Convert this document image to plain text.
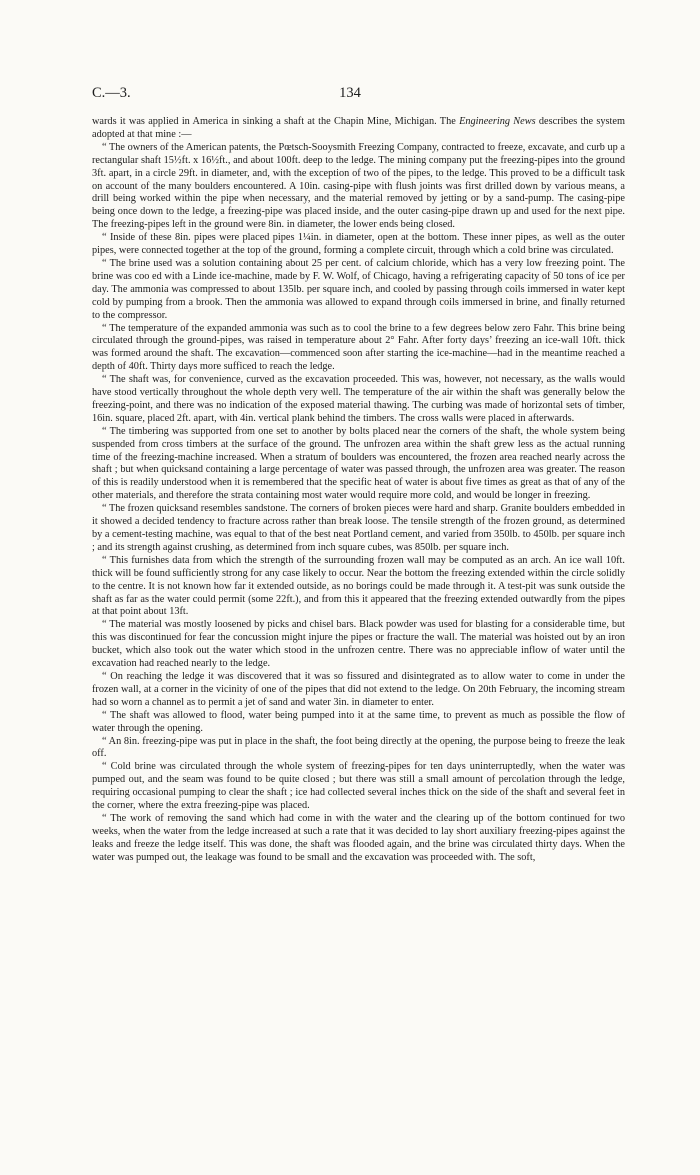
C.—3.	134

wards it was applied in America in sinking a shaft at the Chapin Mine, Michigan. The Engineering News describes the system adopted at that mine :—

“ The owners of the American patents, the Pœtsch-Sooysmith Freezing Company, contracted to freeze, excavate, and curb up a rectangular shaft 15½ft. x 16½ft., and about 100ft. deep to the ledge. The mining company put the freezing-pipes into the ground 3ft. apart, in a circle 29ft. in diameter, and, with the exception of two of the pipes, to the ledge. This proved to be a difficult task on account of the many boulders encountered. A 10in. casing-pipe with flush joints was first drilled down by various means, a drill being worked within the pipe when necessary, and the material removed by jetting or by a sand-pump. The casing-pipe being once down to the ledge, a freezing-pipe was placed inside, and the outer casing-pipe drawn up and used for the next pipe. The freezing-pipes left in the ground were 8in. in diameter, the lower ends being closed.

“ Inside of these 8in. pipes were placed pipes 1¼in. in diameter, open at the bottom. These inner pipes, as well as the outer pipes, were connected together at the top of the ground, forming a complete circuit, through which a cold brine was circulated.

“ The brine used was a solution containing about 25 per cent. of calcium chloride, which has a very low freezing point. The brine was coo ed with a Linde ice-machine, made by F. W. Wolf, of Chicago, having a refrigerating capacity of 50 tons of ice per day. The ammonia was compressed to about 135lb. per square inch, and cooled by passing through coils immersed in water kept cold by pumping from a brook. Then the ammonia was allowed to expand through coils immersed in brine, and finally returned to the compressor.

“ The temperature of the expanded ammonia was such as to cool the brine to a few degrees below zero Fahr. This brine being circulated through the ground-pipes, was raised in temperature about 2° Fahr. After forty days’ freezing an ice-wall 10ft. thick was formed around the shaft. The excavation—commenced soon after starting the ice-machine—had in the meantime reached a depth of 40ft. Thirty days more sufficed to reach the ledge.

“ The shaft was, for convenience, curved as the excavation proceeded. This was, however, not necessary, as the walls would have stood vertically throughout the whole depth very well. The temperature of the air within the shaft was generally below the freezing-point, and there was no indication of the exposed material thawing. The curbing was made of horizontal sets of timber, 16in. square, placed 2ft. apart, with 4in. vertical plank behind the timbers. The cross walls were placed in afterwards.

“ The timbering was supported from one set to another by bolts placed near the corners of the shaft, the whole system being suspended from cross timbers at the surface of the ground. The unfrozen area within the shaft grew less as the actual running time of the freezing-machine increased. When a stratum of boulders was encountered, the frozen area reached nearly across the shaft ; but when quicksand containing a large percentage of water was passed through, the unfrozen area was greater. The reason of this is readily understood when it is remembered that the specific heat of water is about five times as great as that of any of the other materials, and therefore the strata containing most water would require more cold, and would be longer in freezing.

“ The frozen quicksand resembles sandstone. The corners of broken pieces were hard and sharp. Granite boulders embedded in it showed a decided tendency to fracture across rather than break loose. The tensile strength of the frozen ground, as determined by a cement-testing machine, was equal to that of the best neat Portland cement, and varied from 350lb. to 450lb. per square inch ; and its strength against crushing, as determined from inch square cubes, was 850lb. per square inch.

“ This furnishes data from which the strength of the surrounding frozen wall may be computed as an arch. An ice wall 10ft. thick will be found sufficiently strong for any case likely to occur. Near the bottom the freezing extended within the circle solidly to the centre. It is not known how far it extended outside, as no borings could be made through it. A test-pit was sunk outside the shaft as far as the water could permit (some 22ft.), and from this it appeared that the freezing extended outwardly from the pipes at that point about 13ft.

“ The material was mostly loosened by picks and chisel bars. Black powder was used for blasting for a considerable time, but this was discontinued for fear the concussion might injure the pipes or fracture the wall. The material was hoisted out by an iron bucket, which also took out the water which stood in the unfrozen centre. There was no appreciable inflow of water until the excavation had reached nearly to the ledge.

“ On reaching the ledge it was discovered that it was so fissured and disintegrated as to allow water to come in under the frozen wall, at a corner in the vicinity of one of the pipes that did not extend to the ledge. On 20th February, the incoming stream had so worn a channel as to permit a jet of sand and water 3in. in diameter to enter.

“ The shaft was allowed to flood, water being pumped into it at the same time, to prevent as much as possible the flow of water through the opening.

“ An 8in. freezing-pipe was put in place in the shaft, the foot being directly at the opening, the purpose being to freeze the leak off.

“ Cold brine was circulated through the whole system of freezing-pipes for ten days uninterruptedly, when the water was pumped out, and the seam was found to be quite closed ; but there was still a small amount of percolation through the ledge, requiring occasional pumping to clear the shaft ; ice had collected several inches thick on the side of the shaft and several feet in the corner, where the extra freezing-pipe was placed.

“ The work of removing the sand which had come in with the water and the clearing up of the bottom continued for two weeks, when the water from the ledge increased at such a rate that it was decided to lay short auxiliary freezing-pipes against the leaks and freeze the ledge itself. This was done, the shaft was flooded again, and the brine was circulated thirty days. When the water was pumped out, the leakage was found to be small and the excavation was proceeded with. The soft,
